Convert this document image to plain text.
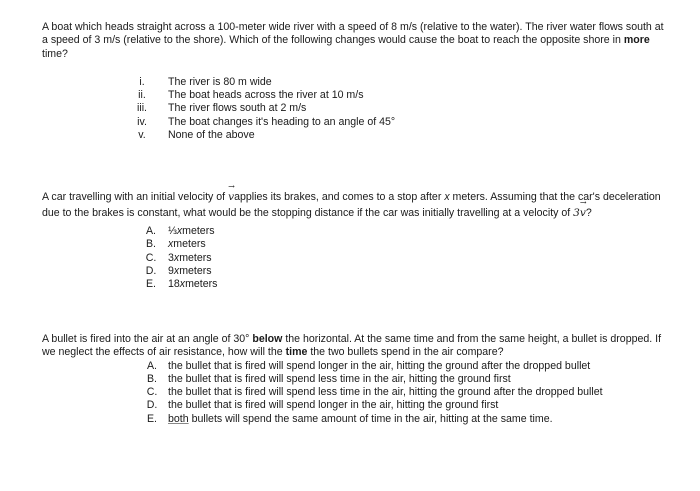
A boat which heads straight across a 100-meter wide river with a speed of 8 m/s (relative to the water). The river water flows south at a speed of 3 m/s (relative to the shore). Which of the following changes would cause the boat to reach the opposite shore in more time?

i.	The river is 80 m wide
ii.	The boat heads across the river at 10 m/s
iii.	The river flows south at 2 m/s
iv.	The boat changes it's heading to an angle of 45°
v.	None of the above

A car travelling with an initial velocity of → vapplies its brakes, and comes to a stop after x meters. Assuming that the car's deceleration due to the brakes is constant, what would be the stopping distance if the car was initially travelling at a velocity of 3→ v?

A. ⅓ x meters
B. x meters
C. 3 x meters
D. 9 x meters
E. 18 x meters

A bullet is fired into the air at an angle of 30° below the horizontal. At the same time and from the same height, a bullet is dropped. If we neglect the effects of air resistance, how will the time the two bullets spend in the air compare?

A. the bullet that is fired will spend longer in the air, hitting the ground after the dropped bullet
B. the bullet that is fired will spend less time in the air, hitting the ground first
C. the bullet that is fired will spend less time in the air, hitting the ground after the dropped bullet
D. the bullet that is fired will spend longer in the air, hitting the ground first
E. both bullets will spend the same amount of time in the air, hitting at the same time.
